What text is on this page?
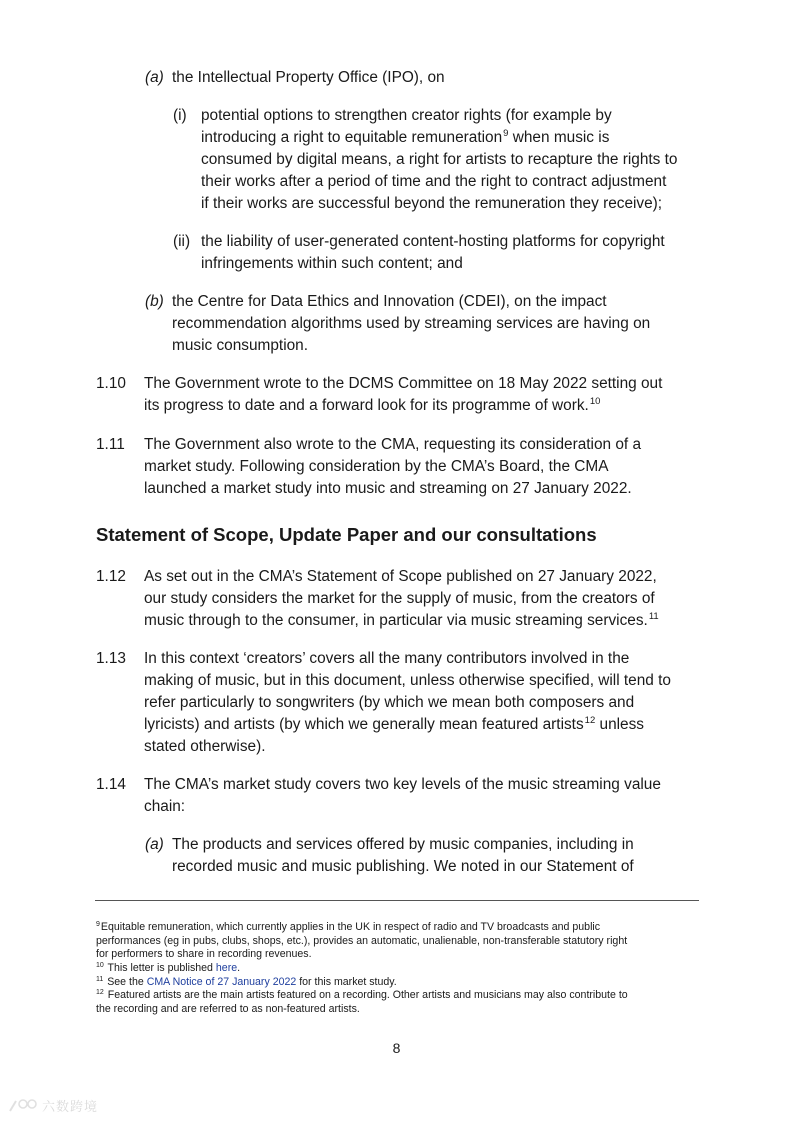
(a) the Intellectual Property Office (IPO), on
(i) potential options to strengthen creator rights (for example by
introducing a right to equitable remuneration$^9$ when music is
consumed by digital means, a right for artists to recapture the rights to
their works after a period of time and the right to contract adjustment
if their works are successful beyond the remuneration they receive);
(ii) the liability of user-generated content-hosting platforms for copyright
infringements within such content; and
(b) the Centre for Data Ethics and Innovation (CDEI), on the impact
recommendation algorithms used by streaming services are having on
music consumption.
1.10 The Government wrote to the DCMS Committee on 18 May 2022 setting out
its progress to date and a forward look for its programme of work.$^{10}$
1.11 The Government also wrote to the CMA, requesting its consideration of a
market study. Following consideration by the CMA’s Board, the CMA
launched a market study into music and streaming on 27 January 2022.
Statement of Scope, Update Paper and our consultations
1.12 As set out in the CMA’s Statement of Scope published on 27 January 2022,
our study considers the market for the supply of music, from the creators of
music through to the consumer, in particular via music streaming services.$^{11}$
1.13 In this context ‘creators’ covers all the many contributors involved in the
making of music, but in this document, unless otherwise specified, will tend to
refer particularly to songwriters (by which we mean both composers and
lyricists) and artists (by which we generally mean featured artists$^{12}$ unless
stated otherwise).
1.14 The CMA’s market study covers two key levels of the music streaming value
chain:
(a) The products and services offered by music companies, including in
recorded music and music publishing. We noted in our Statement of
$^9$Equitable remuneration, which currently applies in the UK in respect of radio and TV broadcasts and public
performances (eg in pubs, clubs, shops, etc.), provides an automatic, unalienable, non-transferable statutory right
for performers to share in recording revenues.
$^{10}$ This letter is published here.
$^{11}$ See the CMA Notice of 27 January 2022 for this market study.
$^{12}$ Featured artists are the main artists featured on a recording. Other artists and musicians may also contribute to
the recording and are referred to as non-featured artists.
8
六数跨境
